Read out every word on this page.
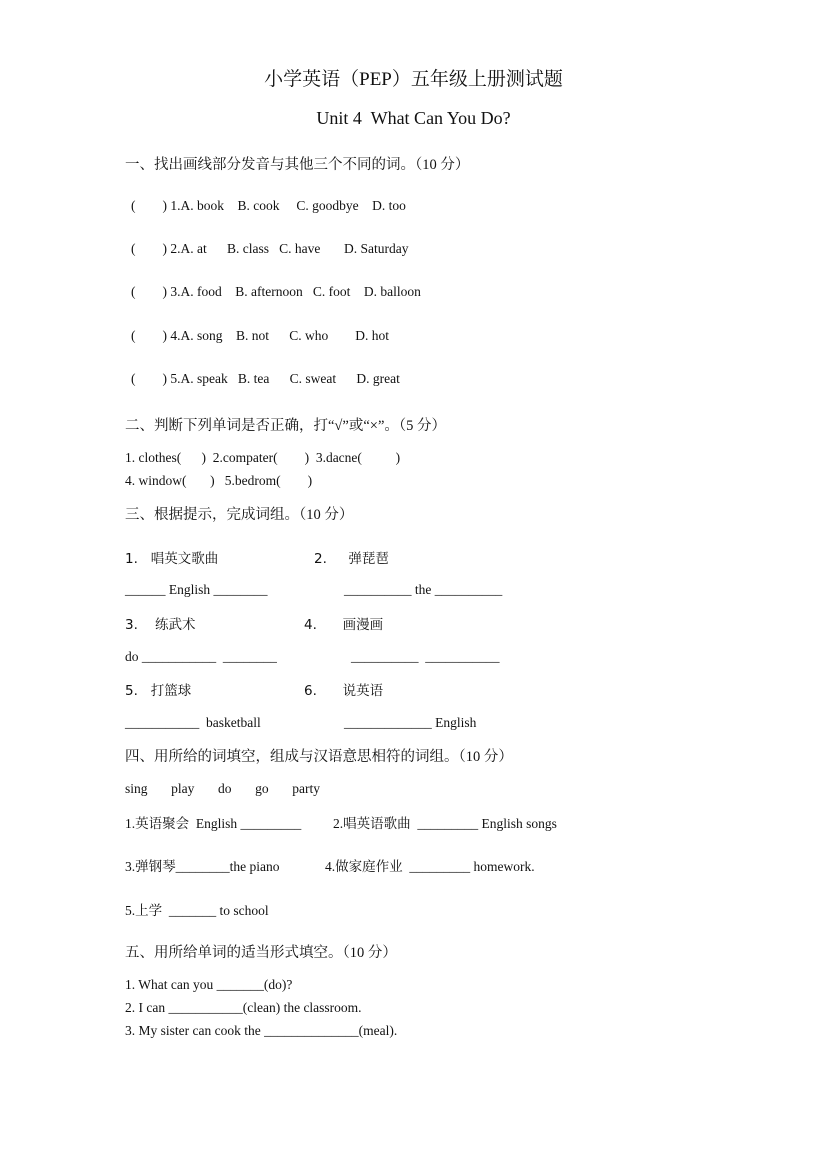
小学英语（PEP）五年级上册测试题
Unit 4  What Can You Do?
一、找出画线部分发音与其他三个不同的词。（10 分）
(        ) 1.A. book    B. cook     C. goodbye    D. too
(        ) 2.A. at      B. class   C. have       D. Saturday
(        ) 3.A. food    B. afternoon   C. foot    D. balloon
(        ) 4.A. song    B. not      C. who        D. hot
(        ) 5.A. speak   B. tea      C. sweat      D. great
二、判断下列单词是否正确，打“√”或“×”。（5 分）
1. clothes(      )  2.compater(        )  3.dacne(          )
4. window(       )   5.bedrom(        )
三、根据提示，完成词组。（10 分）
1.   唱英文歌曲	2.     弹琵琶
______ English ________	__________ the __________
3.    练武术	4.      画漫画
do ___________  ________	__________  ___________
5.   打篮球	6.      说英语
___________  basketball	_____________ English
四、用所给的词填空，组成与汉语意思相符的词组。（10 分）
sing       play       do       go       party
1.英语聚会  English _________ 2.唱英语歌曲  _________ English songs
3.弹钢琴________the piano	4.做家庭作业  _________ homework.
5.上学  _______ to school
五、用所给单词的适当形式填空。（10 分）
1. What can you _______(do)?
2. I can ___________(clean) the classroom.
3. My sister can cook the ______________(meal).
